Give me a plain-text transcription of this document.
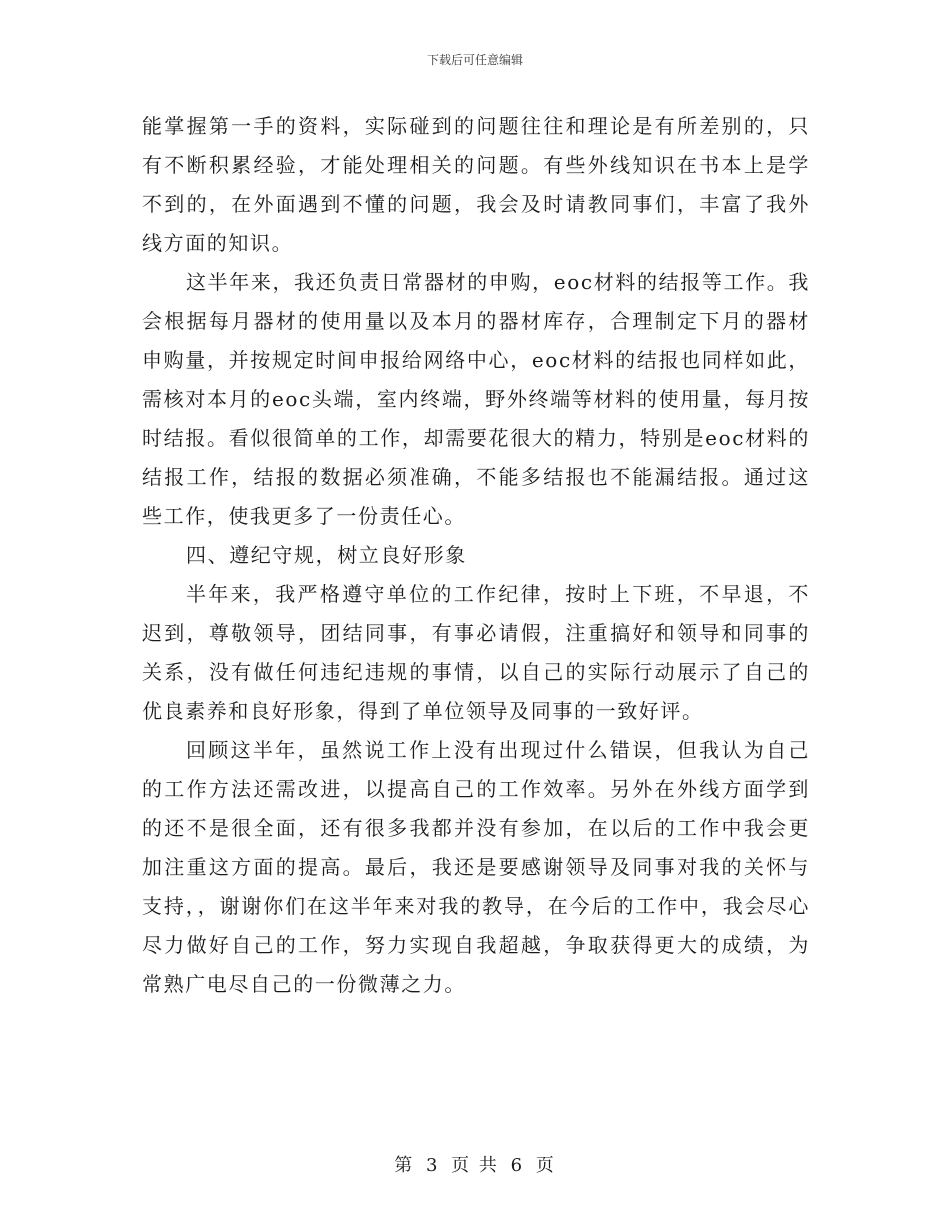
下载后可任意编辑

能掌握第一手的资料，实际碰到的问题往往和理论是有所差别的，只有不断积累经验，才能处理相关的问题。有些外线知识在书本上是学不到的，在外面遇到不懂的问题，我会及时请教同事们，丰富了我外线方面的知识。

这半年来，我还负责日常器材的申购，eoc材料的结报等工作。我会根据每月器材的使用量以及本月的器材库存，合理制定下月的器材申购量，并按规定时间申报给网络中心，eoc材料的结报也同样如此，需核对本月的eoc头端，室内终端，野外终端等材料的使用量，每月按时结报。看似很简单的工作，却需要花很大的精力，特别是eoc材料的结报工作，结报的数据必须准确，不能多结报也不能漏结报。通过这些工作，使我更多了一份责任心。

四、遵纪守规，树立良好形象

半年来，我严格遵守单位的工作纪律，按时上下班，不早退，不迟到，尊敬领导，团结同事，有事必请假，注重搞好和领导和同事的关系，没有做任何违纪违规的事情，以自己的实际行动展示了自己的优良素养和良好形象，得到了单位领导及同事的一致好评。

回顾这半年，虽然说工作上没有出现过什么错误，但我认为自己的工作方法还需改进，以提高自己的工作效率。另外在外线方面学到的还不是很全面，还有很多我都并没有参加，在以后的工作中我会更加注重这方面的提高。最后，我还是要感谢领导及同事对我的关怀与支持，，谢谢你们在这半年来对我的教导，在今后的工作中，我会尽心尽力做好自己的工作，努力实现自我超越，争取获得更大的成绩，为常熟广电尽自己的一份微薄之力。

第 3 页 共 6 页
